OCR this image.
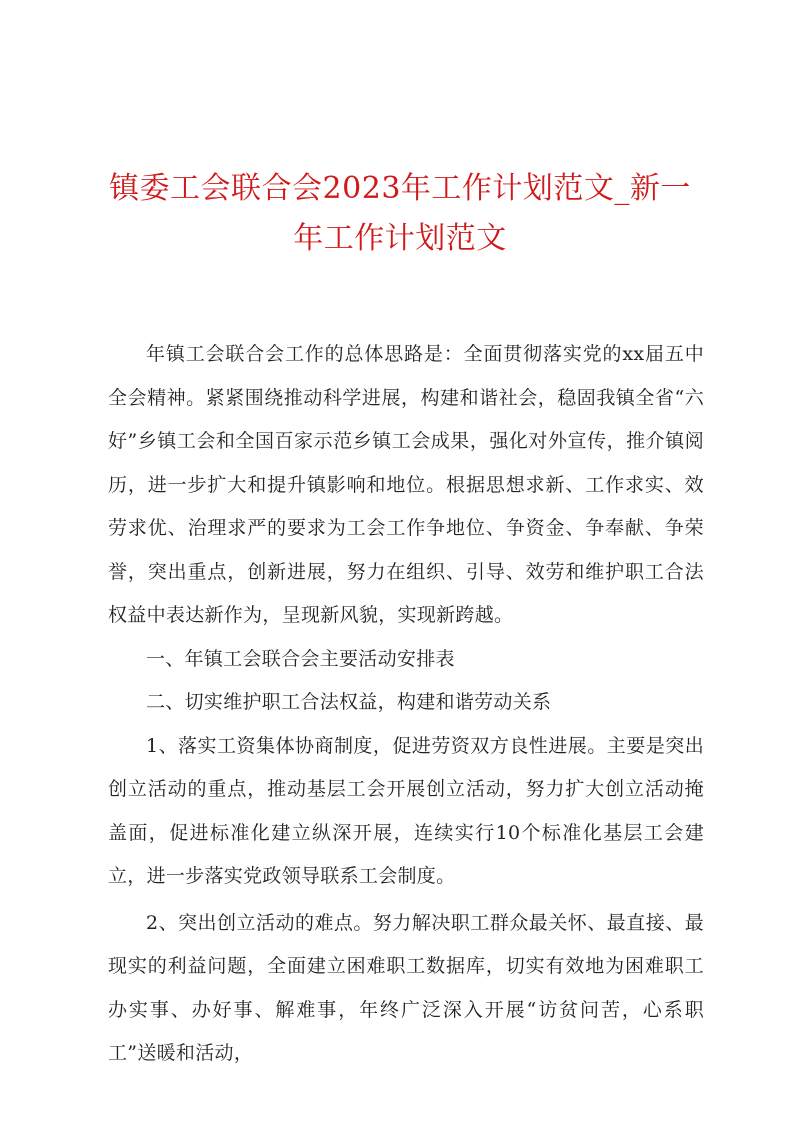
镇委工会联合会2023年工作计划范文_新一年工作计划范文

年镇工会联合会工作的总体思路是：全面贯彻落实党的xx届五中全会精神。紧紧围绕推动科学进展，构建和谐社会，稳固我镇全省“六好”乡镇工会和全国百家示范乡镇工会成果，强化对外宣传，推介镇阅历，进一步扩大和提升镇影响和地位。根据思想求新、工作求实、效劳求优、治理求严的要求为工会工作争地位、争资金、争奉献、争荣誉，突出重点，创新进展，努力在组织、引导、效劳和维护职工合法权益中表达新作为，呈现新风貌，实现新跨越。

一、年镇工会联合会主要活动安排表

二、切实维护职工合法权益，构建和谐劳动关系

1、落实工资集体协商制度，促进劳资双方良性进展。主要是突出创立活动的重点，推动基层工会开展创立活动，努力扩大创立活动掩盖面，促进标准化建立纵深开展，连续实行10个标准化基层工会建立，进一步落实党政领导联系工会制度。

2、突出创立活动的难点。努力解决职工群众最关怀、最直接、最现实的利益问题，全面建立困难职工数据库，切实有效地为困难职工办实事、办好事、解难事，年终广泛深入开展“访贫问苦，心系职工”送暖和活动，
